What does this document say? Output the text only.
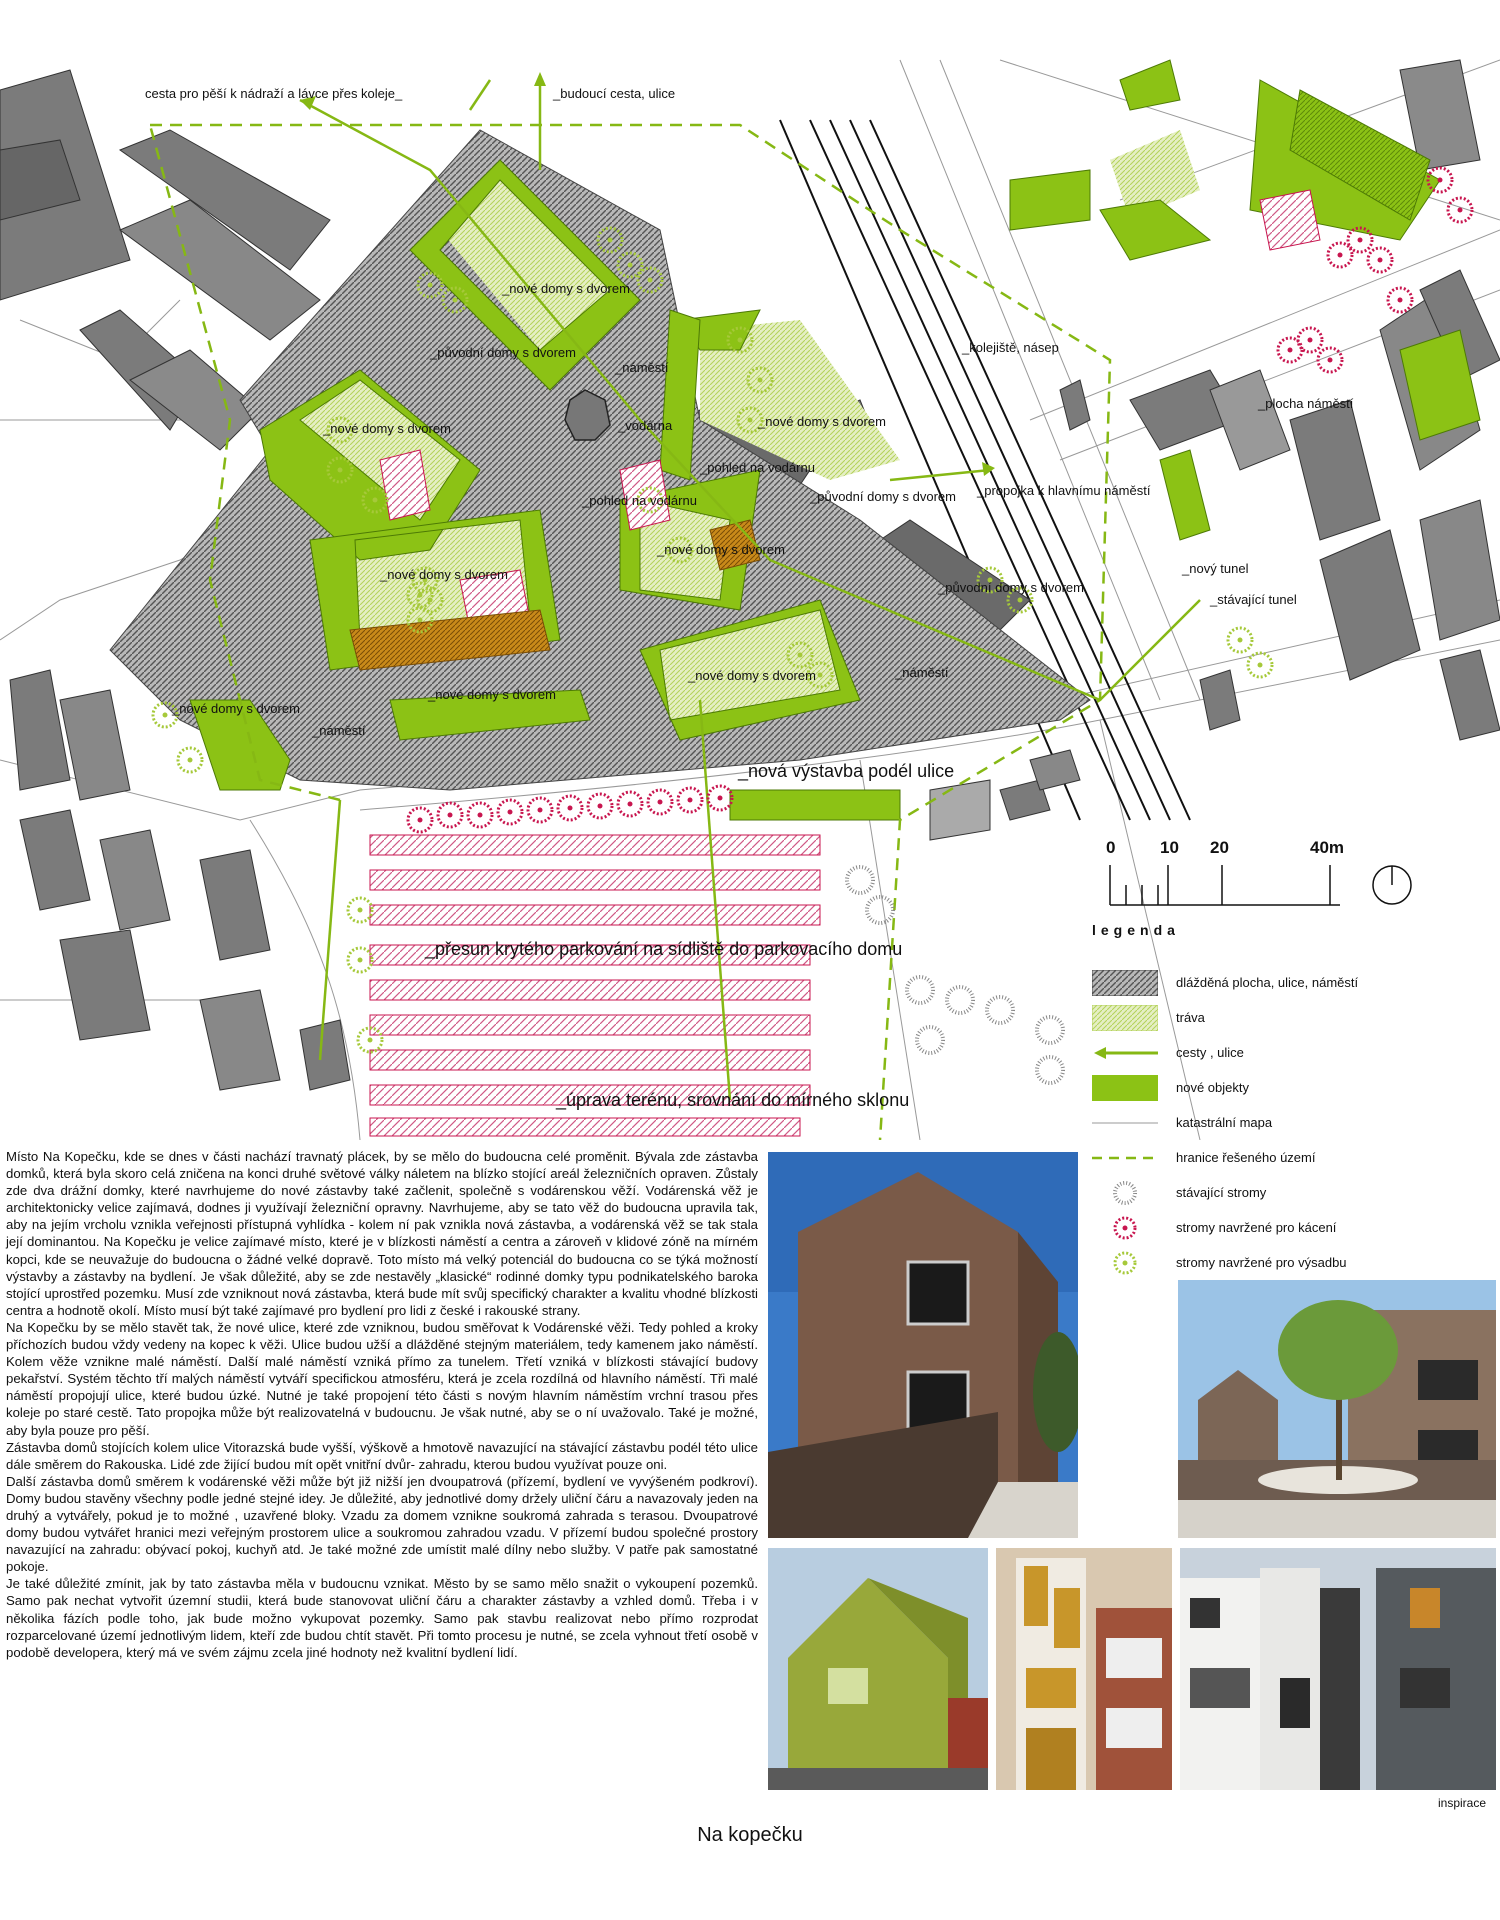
cesta pro pěší k nádraží a lávce přes koleje_	_budoucí cesta, ulice
_nové domy s dvorem
_původní domy s dvorem
_náměstí
_nové domy s dvorem	_vodárna	_nové domy s dvorem
_pohled na vodárnu
_pohled na vodárnu	_původní domy s dvorem
_nové domy s dvorem
_nové domy s dvorem
_původní domy s dvorem
_nové domy s dvorem	_náměstí
_nové domy s dvorem
_nové domy s dvorem
_náměstí
_kolejiště, násep
_plocha náměstí
_propojka k hlavnímu náměstí
_nový tunel
_stávající tunel
_nová výstavba podél ulice
_přesun krytého parkování na sídliště do parkovacího domu
_úprava terénu, srovnání do mírného sklonu
0	10 20	40m
legenda
dlážděná plocha, ulice, náměstí
tráva
cesty , ulice
nové objekty
katastrální mapa
hranice řešeného území
stávající stromy
stromy navržené pro kácení
stromy navržené pro výsadbu

Místo Na Kopečku, kde se dnes v části nachází travnatý plácek, by se mělo do budoucna celé proměnit. Bývala zde zástavba domků, která byla skoro celá zničena na konci druhé světové války náletem na blízko stojící areál železničních opraven. Zůstaly zde dva drážní domky, které navrhujeme do nové zástavby také začlenit, společně s vodárenskou věží. Vodárenská věž je architektonicky velice zajímavá, dodnes ji využívají železniční opravny. Navrhujeme, aby se tato věž do budoucna upravila tak, aby na jejím vrcholu vznikla veřejnosti přístupná vyhlídka - kolem ní pak vznikla nová zástavba, a vodárenská věž se tak stala její dominantou. Na Kopečku je velice zajímavé místo, které je v blízkosti náměstí a centra a zároveň v klidové zóně na mírném kopci, kde se neuvažuje do budoucna o žádné velké dopravě. Toto místo má velký potenciál do budoucna co se týká možností výstavby a zástavby na bydlení. Je však důležité, aby se zde nestavěly „klasické“ rodinné domky typu podnikatelského baroka stojící uprostřed pozemku. Musí zde vzniknout nová zástavba, která bude mít svůj specifický charakter a kvalitu vhodné blízkosti centra a hodnotě okolí. Místo musí být také zajímavé pro bydlení pro lidi z české i rakouské strany.

Na Kopečku by se mělo stavět tak, že nové ulice, které zde vzniknou, budou směřovat k Vodárenské věži. Tedy pohled a kroky příchozích budou vždy vedeny na kopec k věži. Ulice budou užší a dlážděné stejným materiálem, tedy kamenem jako náměstí. Kolem věže vznikne malé náměstí. Další malé náměstí vzniká přímo za tunelem. Třetí vzniká v blízkosti stávající budovy pekařství. Systém těchto tří malých náměstí vytváří specifickou atmosféru, která je zcela rozdílná od hlavního náměstí. Tři malé náměstí propojují ulice, které budou úzké. Nutné je také propojení této části s novým hlavním náměstím vrchní trasou přes koleje po staré cestě. Tato propojka může být realizovatelná v budoucnu. Je však nutné, aby se o ní uvažovalo. Také je možné, aby byla pouze pro pěší.

Zástavba domů stojících kolem ulice Vitorazská bude vyšší, výškově a hmotově navazující na stávající zástavbu podél této ulice dále směrem do Rakouska. Lidé zde žijící budou mít opět vnitřní dvůr- zahradu, kterou budou využívat pouze oni.

Další zástavba domů směrem k vodárenské věži může být již nižší jen dvoupatrová (přízemí, bydlení ve vyvýšeném podkroví). Domy budou stavěny všechny podle jedné stejné idey. Je důležité, aby jednotlivé domy držely uliční čáru a navazovaly jeden na druhý a vytvářely, pokud je to možné , uzavřené bloky. Vzadu za domem vznikne soukromá zahrada s terasou. Dvoupatrové domy budou vytvářet hranici mezi veřejným prostorem ulice a soukromou zahradou vzadu. V přízemí budou společné prostory navazující na zahradu: obývací pokoj, kuchyň atd. Je také možné zde umístit malé dílny nebo služby. V patře pak samostatné pokoje.

Je také důležité zmínit, jak by tato zástavba měla v budoucnu vznikat. Město by se samo mělo snažit o vykoupení pozemků. Samo pak nechat vytvořit územní studii, která bude stanovovat uliční čáru a charakter zástavby a vzhled domů. Třeba i v několika fázích podle toho, jak bude možno vykupovat pozemky. Samo pak stavbu realizovat nebo přímo rozprodat rozparcelované území jednotlivým lidem, kteří zde budou chtít stavět. Při tomto procesu je nutné, se zcela vyhnout třetí osobě v podobě developera, který má ve svém zájmu zcela jiné hodnoty než kvalitní bydlení lidí.

inspirace
Na kopečku
